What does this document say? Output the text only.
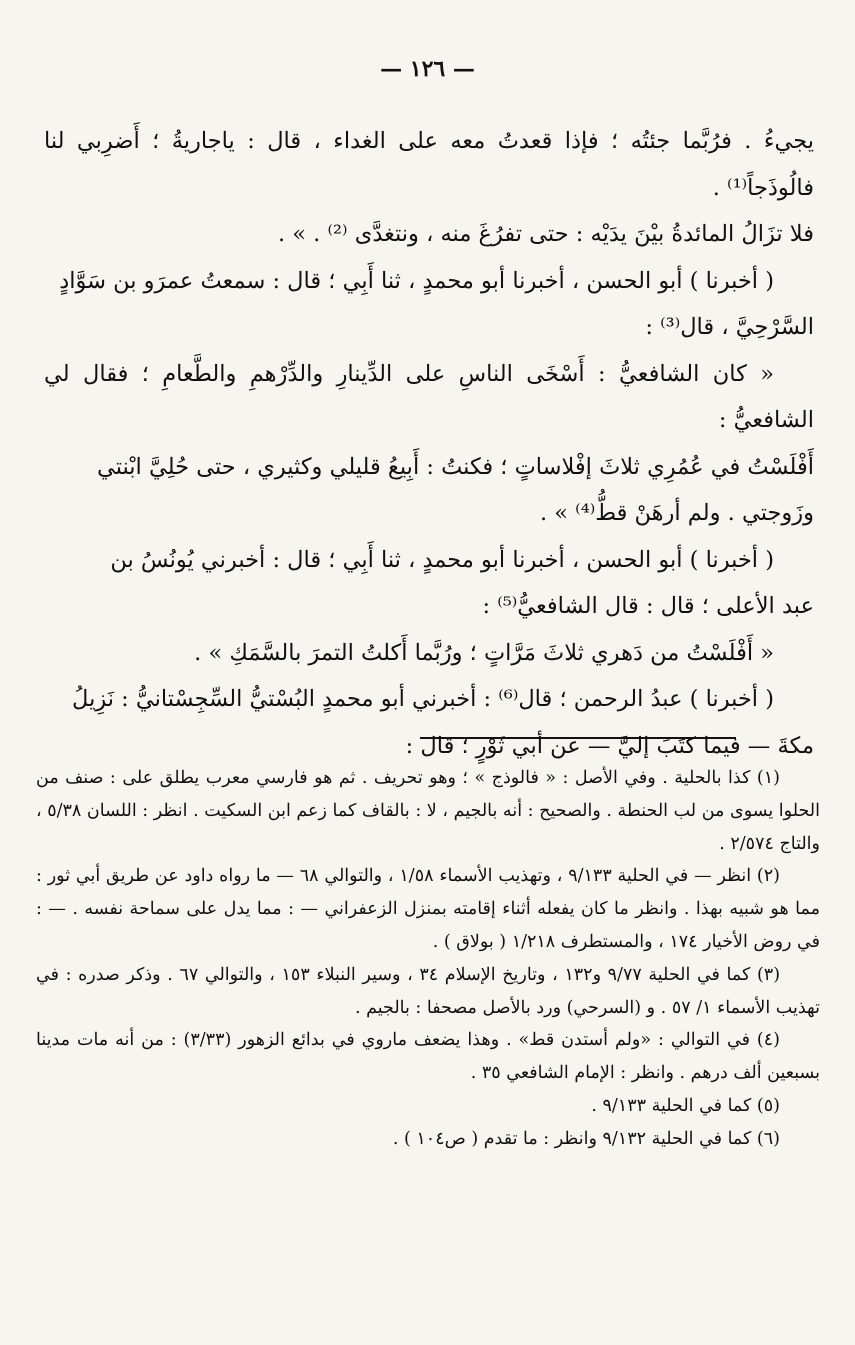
— ١٢٦ —

يجيءُ . فرُبَّما جئتُه ؛ فإذا قعدتُ معه على الغداء ، قال : ياجاريةُ ؛ أَضرِبي لنا فالُوذَجاً⁽¹⁾ .

فلا تزَالُ المائدةُ بيْنَ يدَيْه : حتى تفرُغَ منه ، ونتغدَّى ⁽²⁾ . » .

( أخبرنا ) أبو الحسن ، أخبرنا أبو محمدٍ ، ثنا أَبِي ؛ قال : سمعتُ عمرَو بن سَوَّادٍ

السَّرْحِيَّ ، قال⁽³⁾ :

« كان الشافعيُّ : أَسْخَى الناسِ على الدِّينارِ والدِّرْهمِ والطَّعامِ ؛ فقال لي الشافعيُّ :

أَفْلَسْتُ في عُمُرِي ثلاثَ إفْلاساتٍ ؛ فكنتُ : أَبِيعُ قليلي وكثيري ، حتى حُلِيَّ ابْنتي

وزَوجتي . ولم أرهَنْ قطُّ⁽⁴⁾ » .

( أخبرنا ) أبو الحسن ، أخبرنا أبو محمدٍ ، ثنا أَبِي ؛ قال : أخبرني يُونُسُ بن

عبد الأعلى ؛ قال : قال الشافعيُّ⁽⁵⁾ :

« أَفْلَسْتُ من دَهري ثلاثَ مَرَّاتٍ ؛ ورُبَّما أَكلتُ التمرَ بالسَّمَكِ » .

( أخبرنا ) عبدُ الرحمن ؛ قال⁽⁶⁾ : أخبرني أبو محمدٍ البُسْتيُّ السِّجِسْتانيُّ : نَزِيلُ

مكةَ — فيما كتَبَ إليَّ — عن أبي ثَوْرٍ ؛ قال :

(١) كذا بالحلية . وفي الأصل : « فالوذج » ؛ وهو تحريف . ثم هو فارسي معرب يطلق على : صنف من الحلوا يسوى من لب الحنطة . والصحيح : أنه بالجيم ، لا : بالقاف كما زعم ابن السكيت . انظر : اللسان ٥/٣٨ ، والتاج ٢/٥٧٤ .

(٢) انظر — في الحلية ٩/١٣٣ ، وتهذيب الأسماء ١/٥٨ ، والتوالي ٦٨ — ما رواه داود عن طريق أبي ثور : مما هو شبيه بهذا . وانظر ما كان يفعله أثناء إقامته بمنزل الزعفراني — : مما يدل على سماحة نفسه . — : في روض الأخيار ١٧٤ ، والمستطرف ١/٢١٨ ( بولاق ) .

(٣) كما في الحلية ٩/٧٧ و١٣٢ ، وتاريخ الإسلام ٣٤ ، وسير النبلاء ١٥٣ ، والتوالي ٦٧ . وذكر صدره : في تهذيب الأسماء ١/ ٥٧ . و (السرحي) ورد بالأصل مصحفا : بالجيم .

(٤) في التوالي : «ولم أستدن قط» . وهذا يضعف ماروي في بدائع الزهور (٣/٣٣) : من أنه مات مدينا بسبعين ألف درهم . وانظر : الإمام الشافعي ٣٥ .

(٥) كما في الحلية ٩/١٣٣ .

(٦) كما في الحلية ٩/١٣٢ وانظر : ما تقدم ( ص١٠٤ ) .
